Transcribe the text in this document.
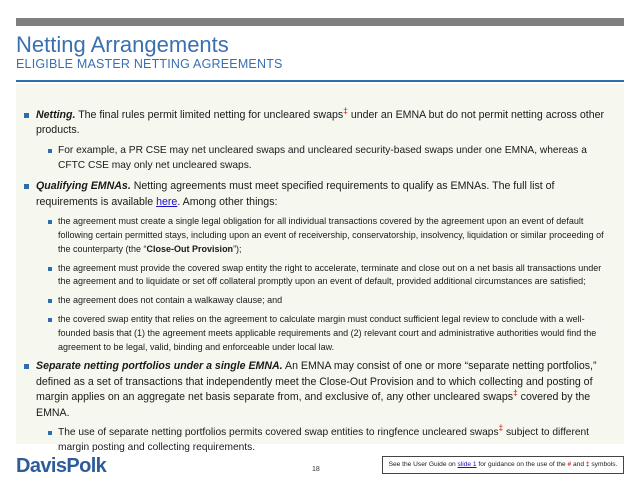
Netting Arrangements
ELIGIBLE MASTER NETTING AGREEMENTS
Netting. The final rules permit limited netting for uncleared swaps‡ under an EMNA but do not permit netting across other products.
For example, a PR CSE may net uncleared swaps and uncleared security-based swaps under one EMNA, whereas a CFTC CSE may only net uncleared swaps.
Qualifying EMNAs. Netting agreements must meet specified requirements to qualify as EMNAs. The full list of requirements is available here. Among other things:
the agreement must create a single legal obligation for all individual transactions covered by the agreement upon an event of default following certain permitted stays, including upon an event of receivership, conservatorship, insolvency, liquidation or similar proceeding of the counterparty (the “Close-Out Provision”);
the agreement must provide the covered swap entity the right to accelerate, terminate and close out on a net basis all transactions under the agreement and to liquidate or set off collateral promptly upon an event of default, provided additional circumstances are satisfied;
the agreement does not contain a walkaway clause; and
the covered swap entity that relies on the agreement to calculate margin must conduct sufficient legal review to conclude with a well-founded basis that (1) the agreement meets applicable requirements and (2) relevant court and administrative authorities would find the agreement to be legal, valid, binding and enforceable under local law.
Separate netting portfolios under a single EMNA. An EMNA may consist of one or more “separate netting portfolios,” defined as a set of transactions that independently meet the Close-Out Provision and to which collecting and posting of margin applies on an aggregate net basis separate from, and exclusive of, any other uncleared swaps‡ covered by the EMNA.
The use of separate netting portfolios permits covered swap entities to ringfence uncleared swaps‡ subject to different margin posting and collecting requirements.
DavisPolk	18
See the User Guide on slide 1 for guidance on the use of the # and ‡ symbols.
